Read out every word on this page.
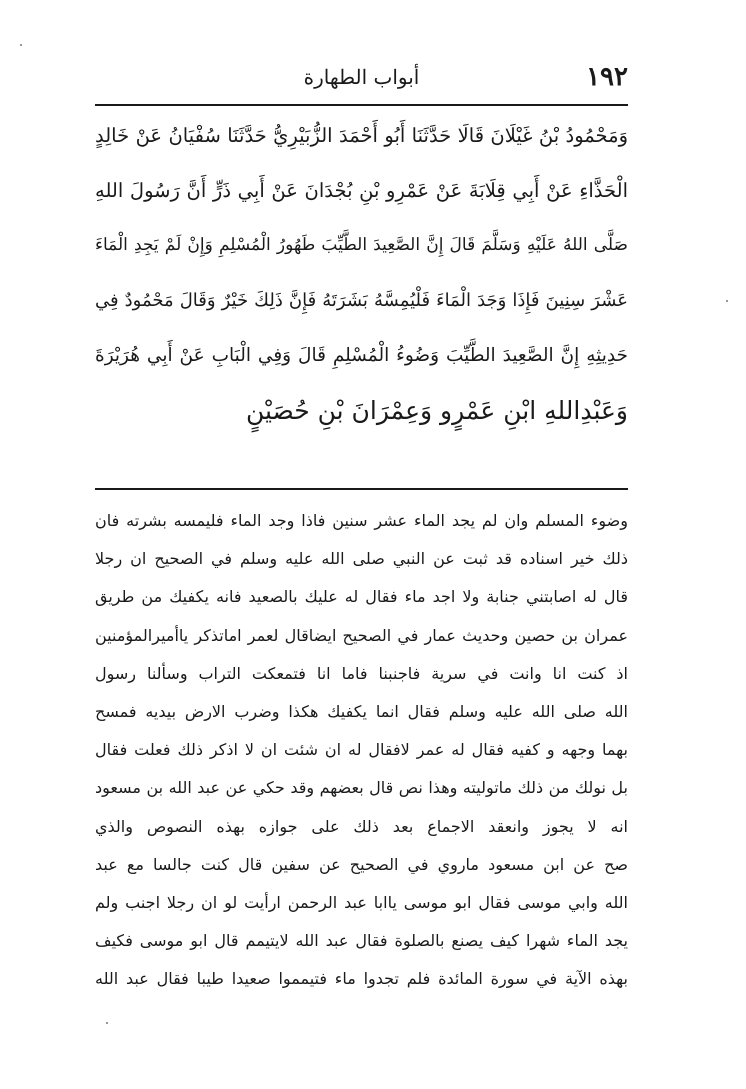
١٩٢
أبواب الطهارة
وَمَحْمُودُ بْنُ غَيْلَانَ قَالَا حَدَّثَنَا أَبُو أَحْمَدَ الزُّبَيْرِيُّ حَدَّثَنَا سُفْيَانُ عَنْ خَالِدٍ
الْحَذَّاءِ عَنْ أَبِي قِلَابَةَ عَنْ عَمْرِو بْنِ بُجْدَانَ عَنْ أَبِي ذَرٍّ أَنَّ رَسُولَ اللهِ
صَلَّى اللهُ عَلَيْهِ وَسَلَّمَ قَالَ إِنَّ الصَّعِيدَ الطَّيِّبَ طَهُورُ الْمُسْلِمِ وَإِنْ لَمْ يَجِدِ الْمَاءَ
عَشْرَ سِنِينَ فَإِذَا وَجَدَ الْمَاءَ فَلْيُمِسَّهُ بَشَرَتَهُ فَإِنَّ ذَلِكَ خَيْرٌ وَقَالَ مَحْمُودٌ فِي
حَدِيثِهِ إِنَّ الصَّعِيدَ الطَّيِّبَ وَضُوءُ الْمُسْلِمِ قَالَ وَفِي الْبَابِ عَنْ أَبِي هُرَيْرَةَ
وَعَبْدِاللهِ ابْنِ عَمْرٍو وَعِمْرَانَ بْنِ حُصَيْنٍ
وضوء المسلم وان لم يجد الماء عشر سنين فاذا وجد الماء فليمسه بشرته فان
ذلك خير اسناده قد ثبت عن النبي صلى الله عليه وسلم في الصحيح ان رجلا
قال له اصابتني جنابة ولا اجد ماء فقال له عليك بالصعيد فانه يكفيك من طريق
عمران بن حصين وحديث عمار في الصحيح ايضاقال لعمر اماتذكر ياأميرالمؤمنين
اذ كنت انا وانت في سرية فاجنبنا فاما انا فتمعكت التراب وسألنا رسول
الله صلى الله عليه وسلم فقال انما يكفيك هكذا وضرب الارض بيديه فمسح
بهما وجهه و كفيه فقال له عمر لافقال له ان شئت ان لا اذكر ذلك فعلت فقال
بل نولك من ذلك ماتوليته وهذا نص قال بعضهم وقد حكي عن عبد الله بن مسعود
انه لا يجوز وانعقد الاجماع بعد ذلك على جوازه بهذه النصوص والذي
صح عن ابن مسعود ماروي في الصحيح عن سفين قال كنت جالسا مع عبد
الله وابي موسى فقال ابو موسى ياابا عبد الرحمن ارأيت لو ان رجلا اجنب ولم
يجد الماء شهرا كيف يصنع بالصلوة فقال عبد الله لايتيمم قال ابو موسى فكيف
بهذه الآية في سورة المائدة فلم تجدوا ماء فتيمموا صعيدا طيبا فقال عبد الله
